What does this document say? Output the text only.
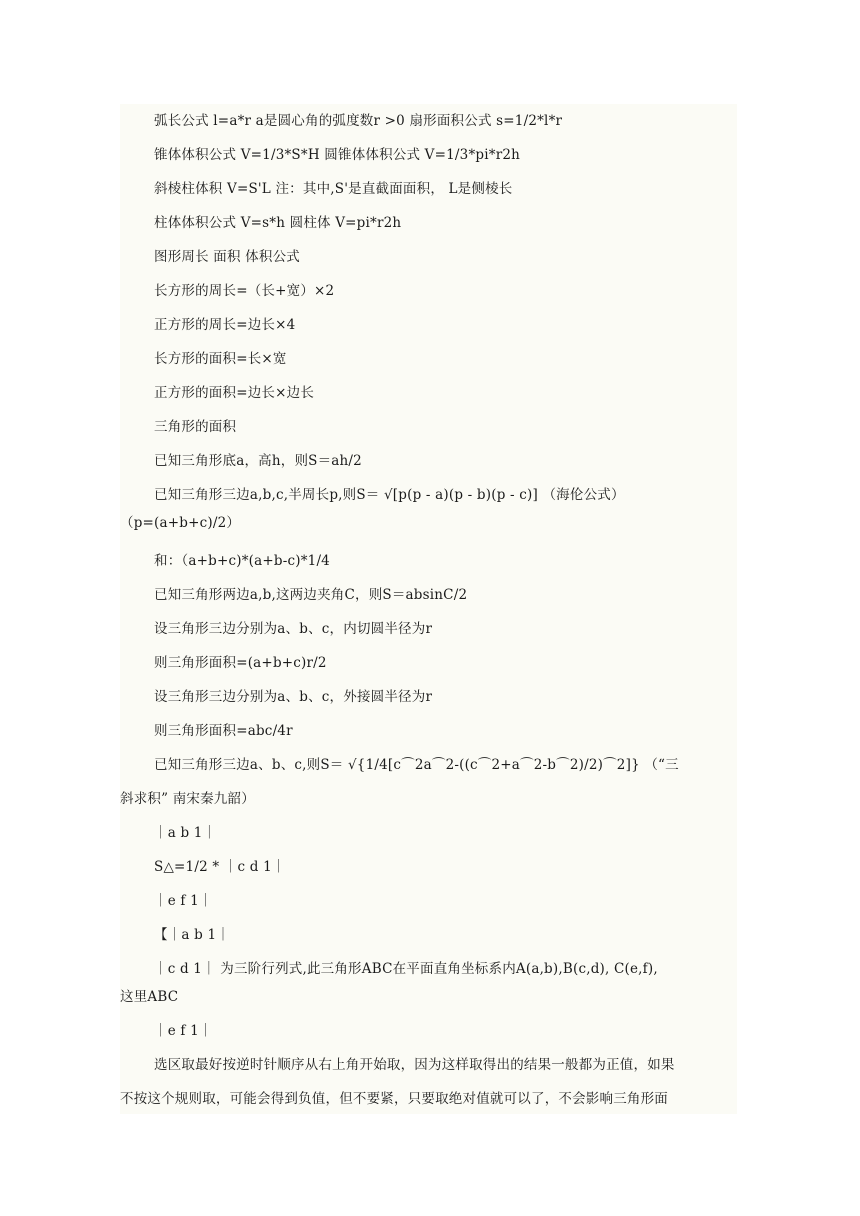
弧长公式 l=a*r a是圆心角的弧度数r >0 扇形面积公式 s=1/2*l*r
锥体体积公式 V=1/3*S*H 圆锥体体积公式 V=1/3*pi*r2h
斜棱柱体积 V=S'L 注：其中,S'是直截面面积， L是侧棱长
柱体体积公式 V=s*h 圆柱体 V=pi*r2h
图形周长 面积 体积公式
长方形的周长=（长+宽）×2
正方形的周长=边长×4
长方形的面积=长×宽
正方形的面积=边长×边长
三角形的面积
已知三角形底a，高h，则S＝ah/2
已知三角形三边a,b,c,半周长p,则S＝ √[p(p - a)(p - b)(p - c)] （海伦公式）
（p=(a+b+c)/2）
和：（a+b+c)*(a+b-c)*1/4
已知三角形两边a,b,这两边夹角C，则S＝absinC/2
设三角形三边分别为a、b、c，内切圆半径为r
则三角形面积=(a+b+c)r/2
设三角形三边分别为a、b、c，外接圆半径为r
则三角形面积=abc/4r
已知三角形三边a、b、c,则S＝ √{1/4[c⌒2a⌒2-((c⌒2+a⌒2-b⌒2)/2)⌒2]} （“三
斜求积” 南宋秦九韶）
｜a b 1｜
S△=1/2 * ｜c d 1｜
｜e f 1｜
【｜a b 1｜
｜c d 1｜ 为三阶行列式,此三角形ABC在平面直角坐标系内A(a,b),B(c,d), C(e,f),
这里ABC
｜e f 1｜
选区取最好按逆时针顺序从右上角开始取，因为这样取得出的结果一般都为正值，如果
不按这个规则取，可能会得到负值，但不要紧，只要取绝对值就可以了，不会影响三角形面
